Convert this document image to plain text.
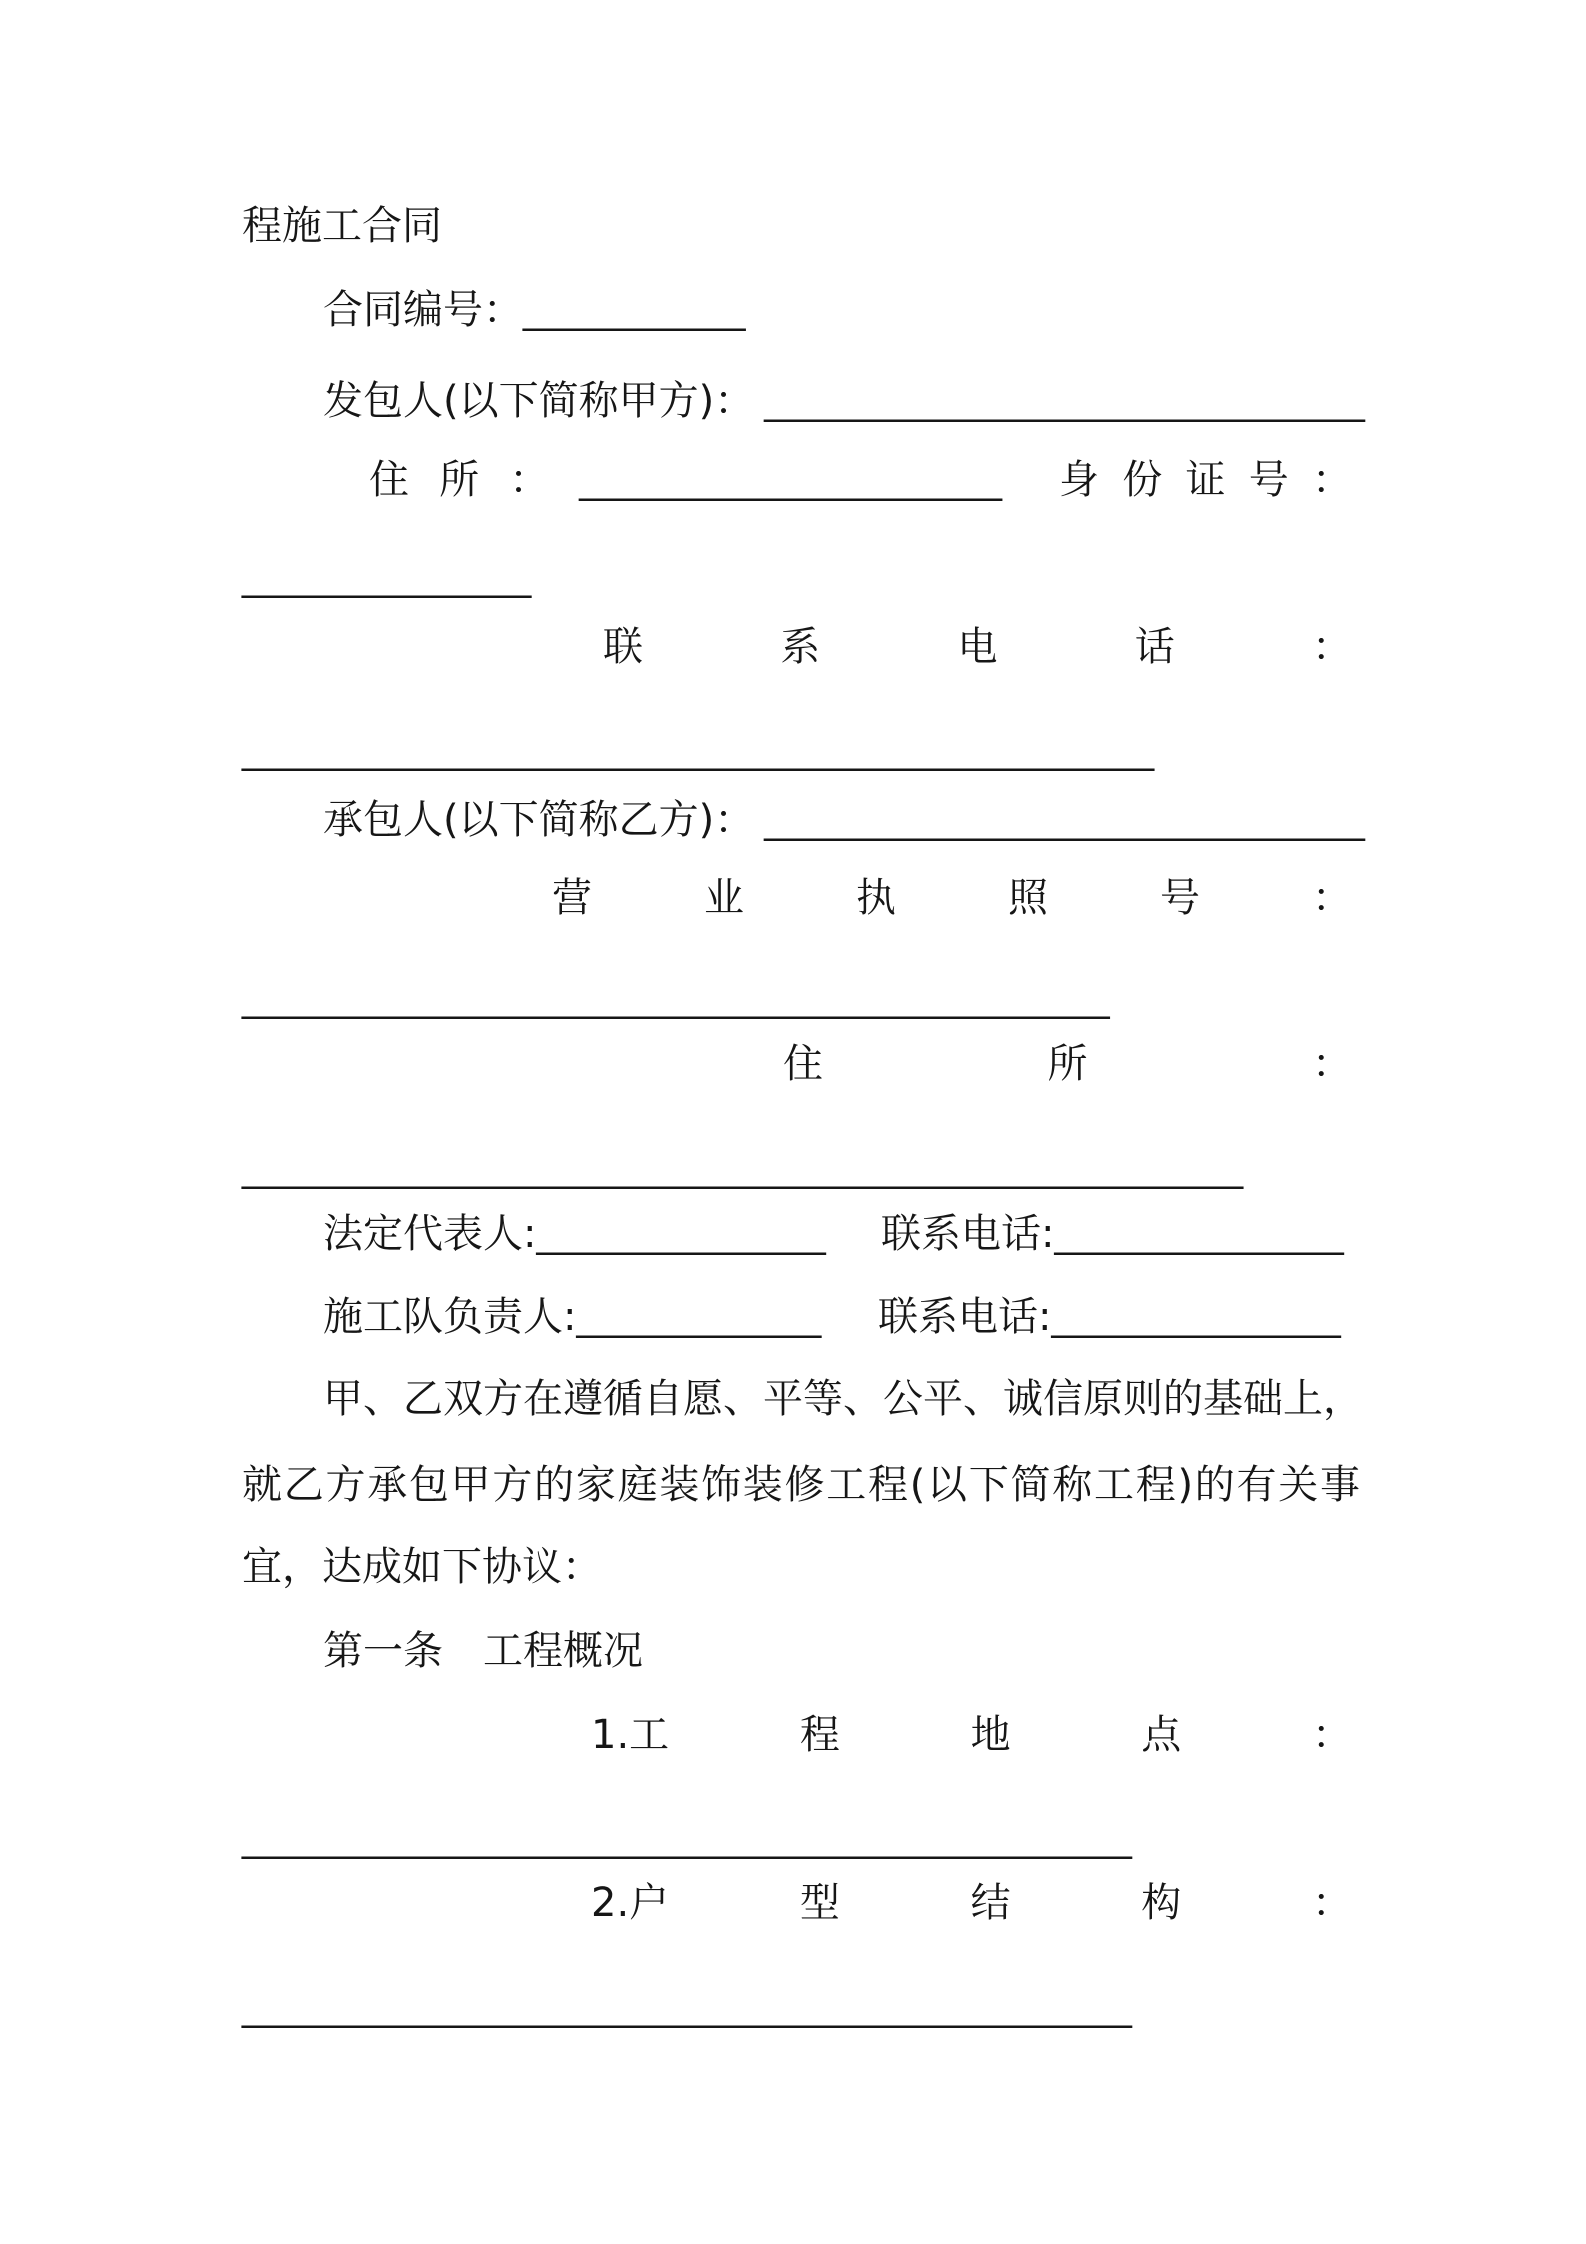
程施工合同
合同编号：__________
发包人(以下简称甲方)： ___________________________
住 所 ： ___________________ 身 份 证 号 ：
_____________
联	系	电	话	：
_________________________________________
承包人(以下简称乙方)： ___________________________
营	业	执	照	号	：
_______________________________________
住	所	：
_____________________________________________
法定代表人:_____________ 联系电话:_____________
施工队负责人:___________ 联系电话:_____________
甲、乙双方在遵循自愿、平等、公平、诚信原则的基础上，
就乙方承包甲方的家庭装饰装修工程(以下简称工程)的有关事
宜，达成如下协议：
第一条　工程概况
1.工	程	地	点	：
________________________________________
2.户	型	结	构	：
________________________________________
